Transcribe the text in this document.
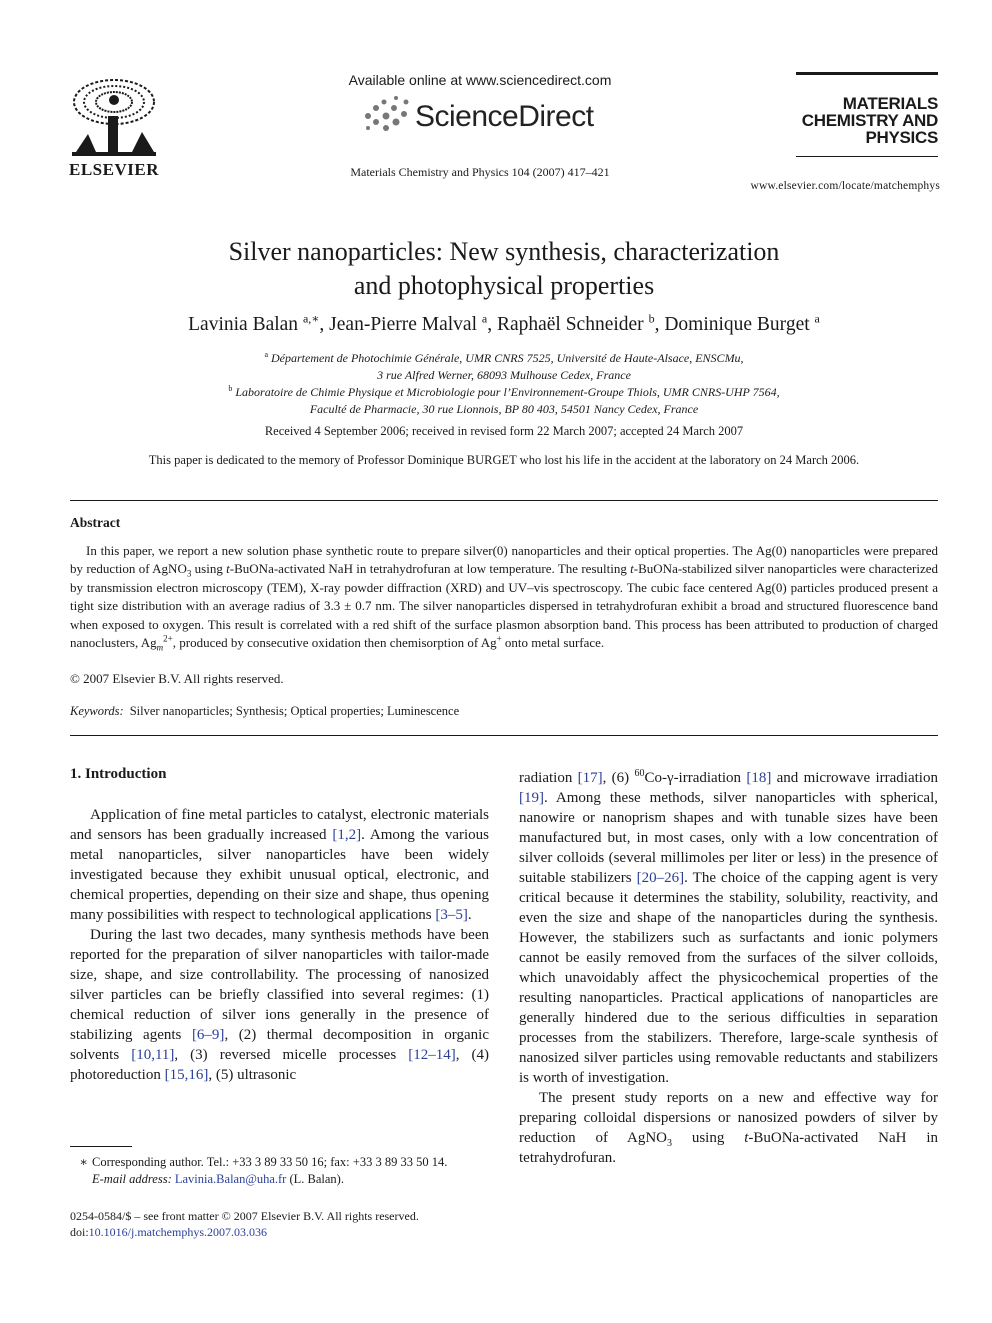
ELSEVIER
Available online at www.sciencedirect.com
ScienceDirect
Materials Chemistry and Physics 104 (2007) 417–421
MATERIALS
CHEMISTRY AND
PHYSICS
www.elsevier.com/locate/matchemphys
Silver nanoparticles: New synthesis, characterization
and photophysical properties
Lavinia Balan $^{a,∗}$, Jean-Pierre Malval $^a$, Raphaël Schneider $^b$, Dominique Burget $^a$
$^a$ Département de Photochimie Générale, UMR CNRS 7525, Université de Haute-Alsace, ENSCMu,
3 rue Alfred Werner, 68093 Mulhouse Cedex, France
$^b$ Laboratoire de Chimie Physique et Microbiologie pour l’Environnement-Groupe Thiols, UMR CNRS-UHP 7564,
Faculté de Pharmacie, 30 rue Lionnois, BP 80 403, 54501 Nancy Cedex, France
Received 4 September 2006; received in revised form 22 March 2007; accepted 24 March 2007
This paper is dedicated to the memory of Professor Dominique BURGET who lost his life in the accident at the laboratory on 24 March 2006.
Abstract
In this paper, we report a new solution phase synthetic route to prepare silver(0) nanoparticles and their optical properties. The Ag(0) nanoparticles were prepared by reduction of AgNO$_3$ using t-BuONa-activated NaH in tetrahydrofuran at low temperature. The resulting t-BuONa-stabilized silver nanoparticles were characterized by transmission electron microscopy (TEM), X-ray powder diffraction (XRD) and UV–vis spectroscopy. The cubic face centered Ag(0) particles produced present a tight size distribution with an average radius of 3.3 ± 0.7 nm. The silver nanoparticles dispersed in tetrahydrofuran exhibit a broad and structured fluorescence band when exposed to oxygen. This result is correlated with a red shift of the surface plasmon absorption band. This process has been attributed to production of charged nanoclusters, $Ag_m^{2+}$, produced by consecutive oxidation then chemisorption of Ag+ onto metal surface.
© 2007 Elsevier B.V. All rights reserved.
Keywords: Silver nanoparticles; Synthesis; Optical properties; Luminescence
1. Introduction

Application of fine metal particles to catalyst, electronic materials and sensors has been gradually increased [1,2]. Among the various metal nanoparticles, silver nanoparticles have been widely investigated because they exhibit unusual optical, electronic, and chemical properties, depending on their size and shape, thus opening many possibilities with respect to technological applications [3–5].

During the last two decades, many synthesis methods have been reported for the preparation of silver nanoparticles with tailor-made size, shape, and size controllability. The processing of nanosized silver particles can be briefly classified into several regimes: (1) chemical reduction of silver ions generally in the presence of stabilizing agents [6–9], (2) thermal decomposition in organic solvents [10,11], (3) reversed micelle processes [12–14], (4) photoreduction [15,16], (5) ultrasonic

radiation [17], (6) $^{60}$Co-γ-irradiation [18] and microwave irradiation [19]. Among these methods, silver nanoparticles with spherical, nanowire or nanoprism shapes and with tunable sizes have been manufactured but, in most cases, only with a low concentration of silver colloids (several millimoles per liter or less) in the presence of suitable stabilizers [20–26]. The choice of the capping agent is very critical because it determines the stability, solubility, reactivity, and even the size and shape of the nanoparticles during the synthesis. However, the stabilizers such as surfactants and ionic polymers cannot be easily removed from the surfaces of the silver colloids, which unavoidably affect the physicochemical properties of the resulting nanoparticles. Practical applications of nanoparticles are generally hindered due to the serious difficulties in separation processes from the stabilizers. Therefore, large-scale synthesis of nanosized silver particles using removable reductants and stabilizers is worth of investigation.

The present study reports on a new and effective way for preparing colloidal dispersions or nanosized powders of silver by reduction of AgNO$_3$ using t-BuONa-activated NaH in tetrahydrofuran.

∗ Corresponding author. Tel.: +33 3 89 33 50 16; fax: +33 3 89 33 50 14.
E-mail address: Lavinia.Balan@uha.fr (L. Balan).
0254-0584/$ – see front matter © 2007 Elsevier B.V. All rights reserved.
doi:10.1016/j.matchemphys.2007.03.036
